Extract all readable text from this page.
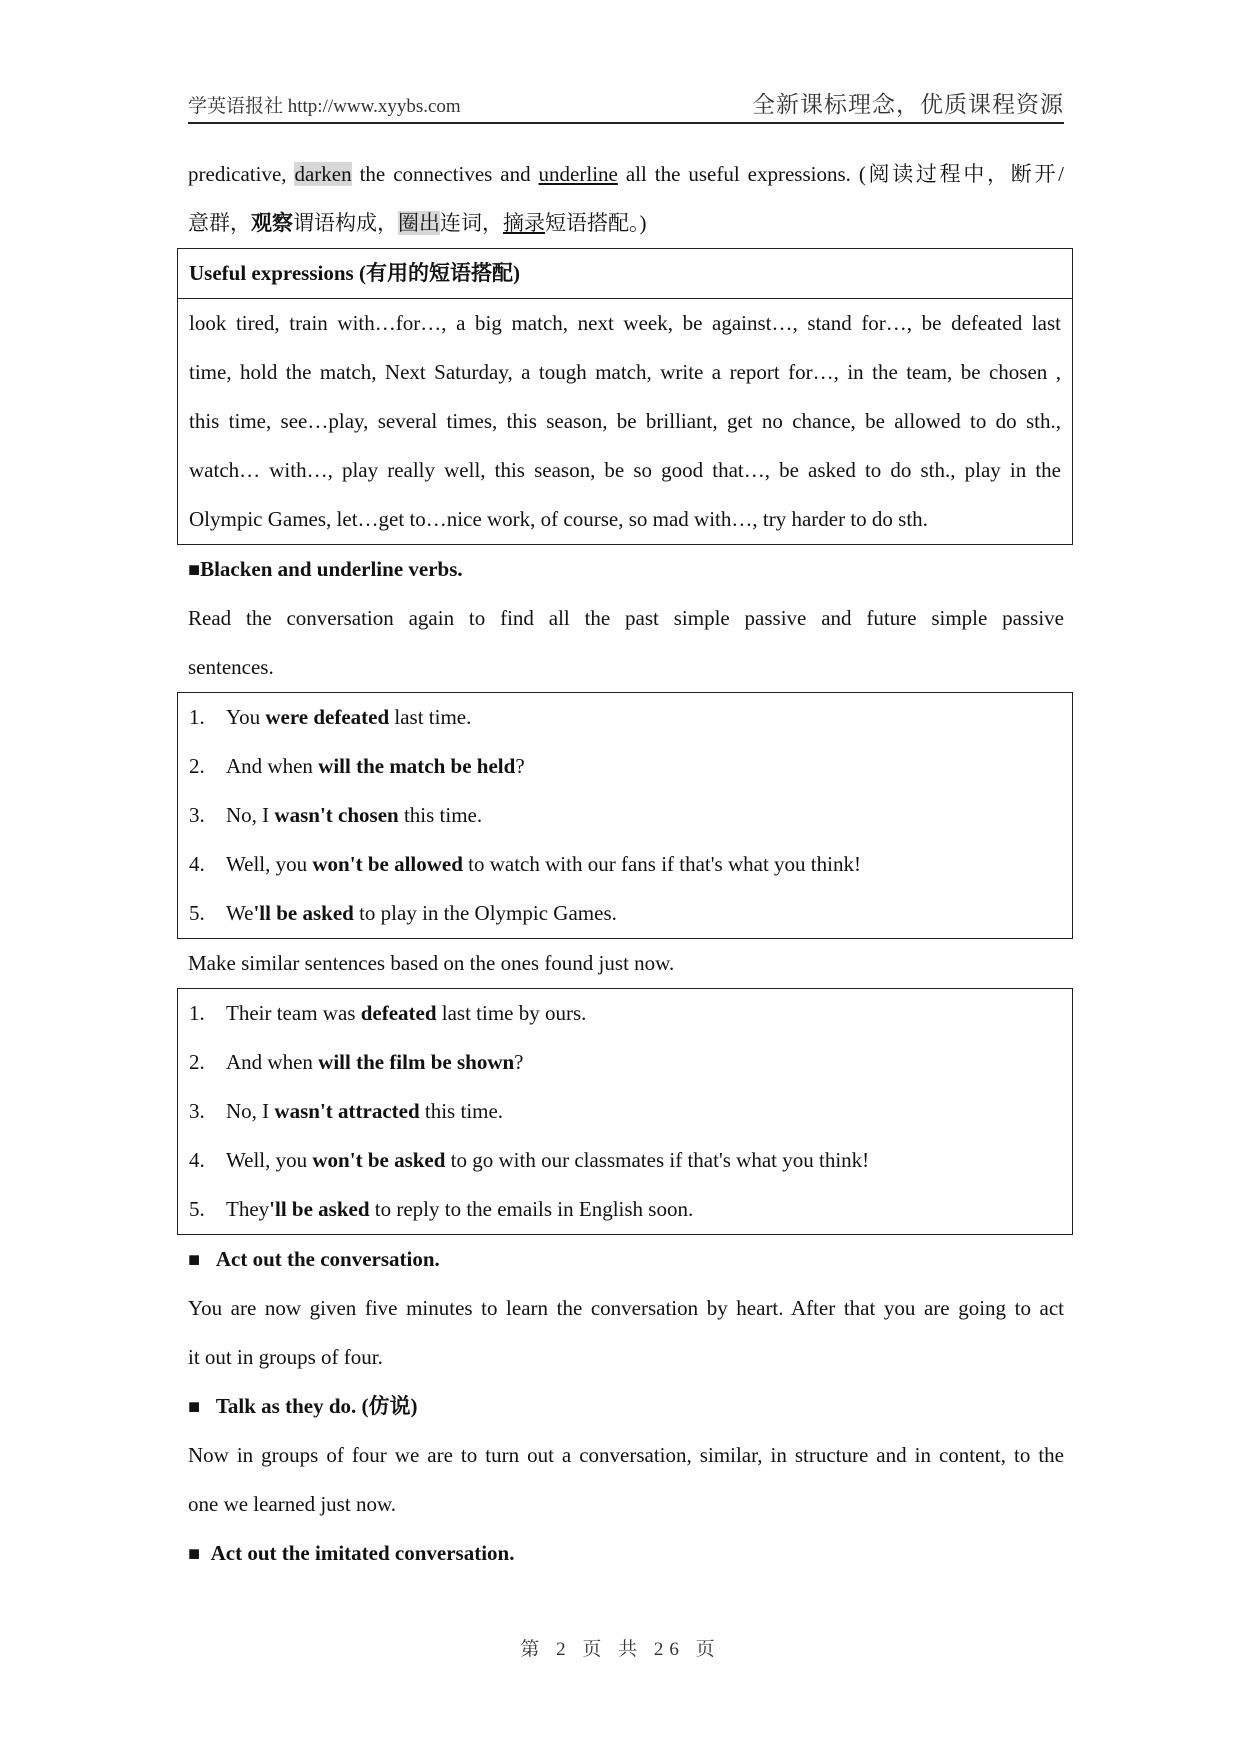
学英语报社 http://www.xyybs.com	全新课标理念，优质课程资源
predicative, darken the connectives and underline all the useful expressions. (阅读过程中，断开/
意群，观察谓语构成，圈出连词，摘录短语搭配。)
Useful expressions (有用的短语搭配)
look tired, train with…for…, a big match, next week, be against…, stand for…, be defeated last
time, hold the match, Next Saturday, a tough match, write a report for…, in the team, be chosen ,
this time, see…play, several times, this season, be brilliant, get no chance, be allowed to do sth.,
watch… with…, play really well, this season, be so good that…, be asked to do sth., play in the
Olympic Games, let…get to…nice work, of course, so mad with…, try harder to do sth.
■Blacken and underline verbs.
Read the conversation again to find all the past simple passive and future simple passive
sentences.
1. You were defeated last time.
2. And when will the match be held?
3. No, I wasn't chosen this time.
4. Well, you won't be allowed to watch with our fans if that's what you think!
5. We'll be asked to play in the Olympic Games.
Make similar sentences based on the ones found just now.
1. Their team was defeated last time by ours.
2. And when will the film be shown?
3. No, I wasn't attracted this time.
4. Well, you won't be asked to go with our classmates if that's what you think!
5. They'll be asked to reply to the emails in English soon.
■ Act out the conversation.
You are now given five minutes to learn the conversation by heart. After that you are going to act
it out in groups of four.
■ Talk as they do. (仿说)
Now in groups of four we are to turn out a conversation, similar, in structure and in content, to the
one we learned just now.
■ Act out the imitated conversation.
第 2 页 共 26 页
